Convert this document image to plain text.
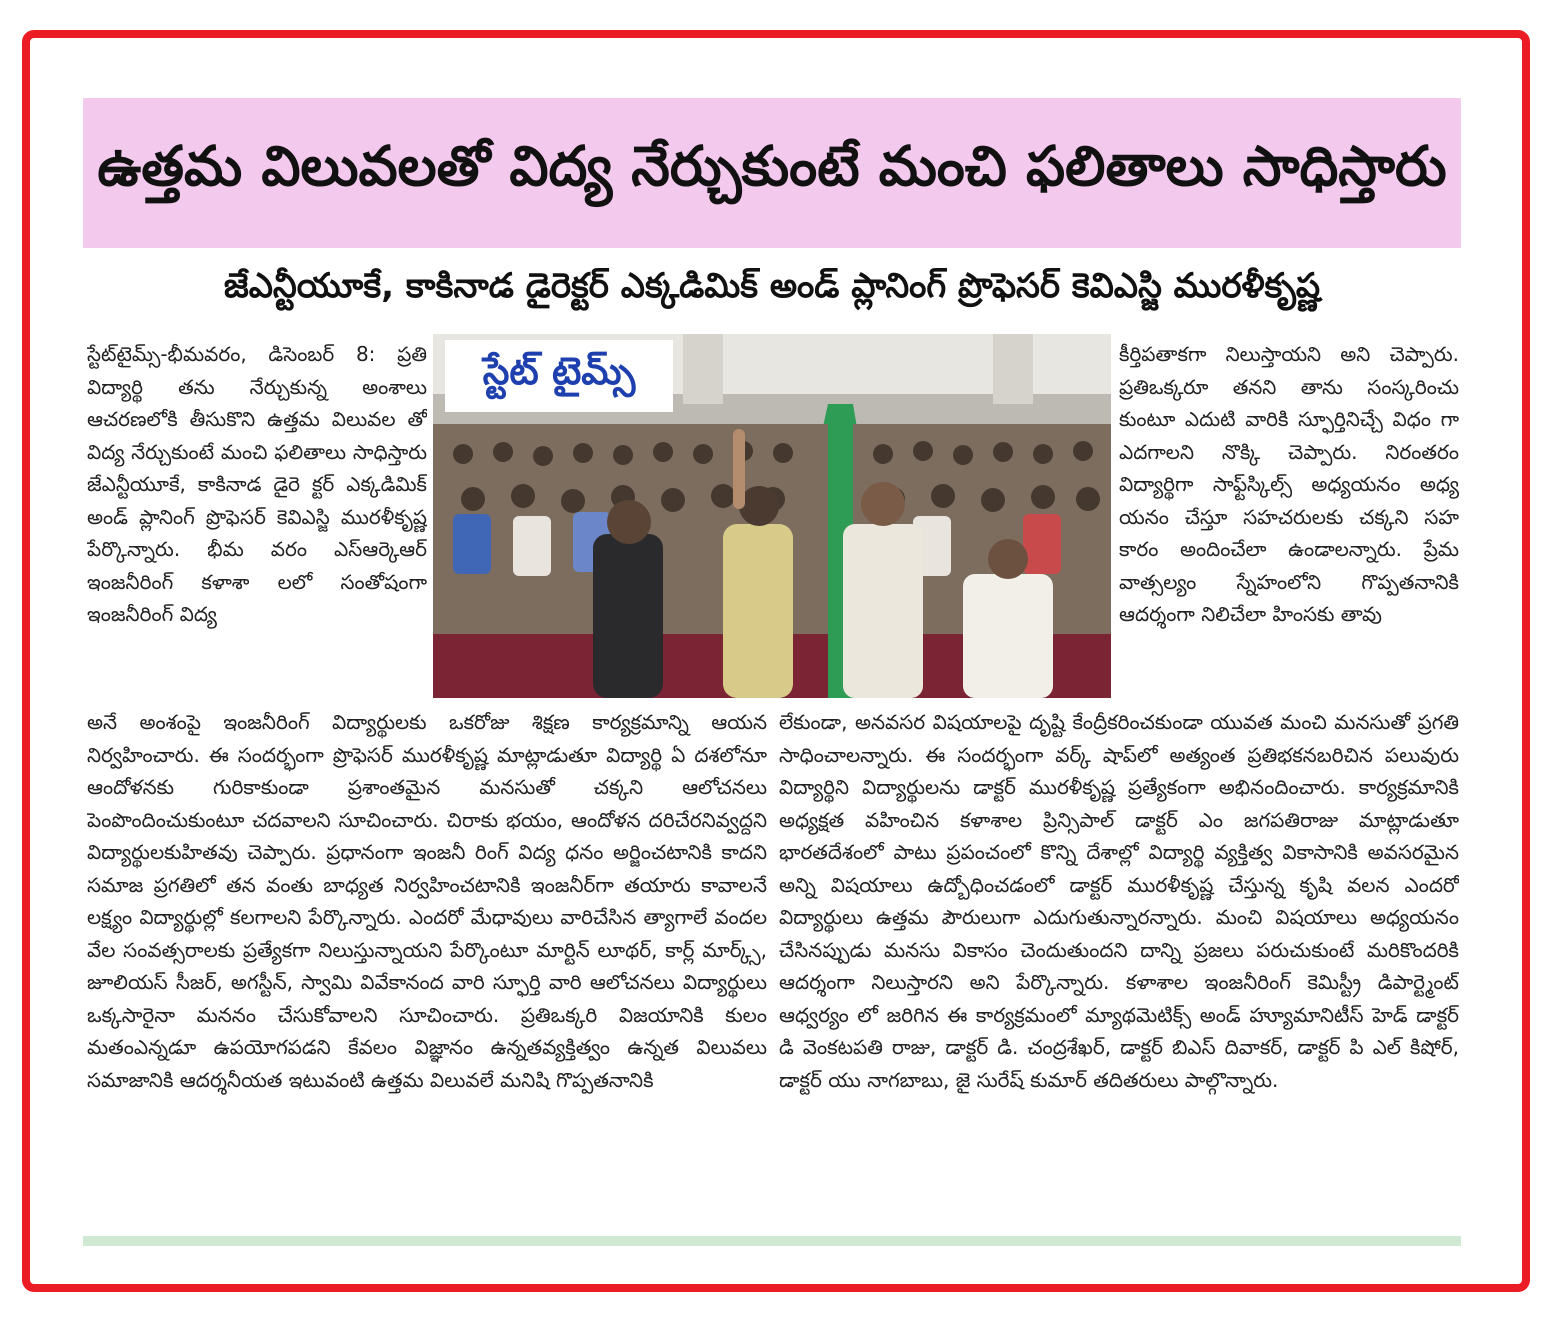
ఉత్తమ విలువలతో విద్య నేర్చుకుంటే మంచి ఫలితాలు సాధిస్తారు
జేఎన్టీయూకే, కాకినాడ డైరెక్టర్ ఎక్కడిమిక్ అండ్ ప్లానింగ్ ప్రొఫెసర్ కెవిఎస్జి మురళీకృష్ణ

స్టేట్‌టైమ్స్-భీమవరం, డిసెంబర్ 8: ప్రతి విద్యార్థి తను నేర్చుకున్న అంశాలు ఆచరణలోకి తీసుకొని ఉత్తమ విలువల తో విద్య నేర్చుకుంటే మంచి ఫలితాలు సాధిస్తారు జేఎన్టీయూకే, కాకినాడ డైరె క్టర్ ఎక్కడిమిక్ అండ్ ప్లానింగ్ ప్రొఫెసర్ కెవిఎస్జి మురళీకృష్ణ పేర్కొన్నారు. భీమ వరం ఎస్ఆర్కెఆర్ ఇంజనీరింగ్ కళాశా లలో సంతోషంగా ఇంజనీరింగ్ విద్య

స్టేట్ టైమ్స్	కీర్తిపతాకగా నిలుస్తాయని అని చెప్పారు. ప్రతిఒక్కరూ తనని తాను సంస్కరించు కుంటూ ఎదుటి వారికి స్ఫూర్తినిచ్చే విధం గా ఎదగాలని నొక్కి చెప్పారు. నిరంతరం విద్యార్థిగా సాఫ్ట్‌స్కిల్స్ అధ్యయనం అధ్య యనం చేస్తూ సహచరులకు చక్కని సహ కారం అందించేలా ఉండాలన్నారు. ప్రేమ వాత్సల్యం స్నేహంలోని గొప్పతనానికి ఆదర్శంగా నిలిచేలా హింసకు తావు

అనే అంశంపై ఇంజనీరింగ్ విద్యార్థులకు ఒకరోజు శిక్షణ కార్యక్రమాన్ని ఆయన నిర్వహించారు. ఈ సందర్భంగా ప్రొఫెసర్ మురళీకృష్ణ మాట్లాడుతూ విద్యార్థి ఏ దశలోనూ ఆందోళనకు గురికాకుండా ప్రశాంతమైన మనసుతో చక్కని ఆలోచనలు పెంపొందించుకుంటూ చదవాలని సూచించారు. చిరాకు భయం, ఆందోళన దరిచేరనివ్వద్దని విద్యార్థులకుహితవు చెప్పారు. ప్రధానంగా ఇంజనీ రింగ్ విద్య ధనం అర్జించటానికి కాదని సమాజ ప్రగతిలో తన వంతు బాధ్యత నిర్వహించటానికి ఇంజనీర్‌గా తయారు కావాలనే లక్ష్యం విద్యార్థుల్లో కలగాలని పేర్కొన్నారు. ఎందరో మేధావులు వారిచేసిన త్యాగాలే వందల వేల సంవత్సరాలకు ప్రత్యేకగా నిలుస్తున్నాయని పేర్కొంటూ మార్టిన్ లూథర్, కార్ల్ మార్క్స్, జూలియస్ సీజర్, అగస్టీన్, స్వామి వివేకానంద వారి స్ఫూర్తి వారి ఆలోచనలు విద్యార్థులు ఒక్కసారైనా మననం చేసుకోవాలని సూచించారు. ప్రతిఒక్కరి విజయానికి కులం మతంఎన్నడూ ఉపయోగపడని కేవలం విజ్ఞానం ఉన్నతవ్యక్తిత్వం ఉన్నత విలువలు సమాజానికి ఆదర్శనీయత ఇటువంటి ఉత్తమ విలువలే మనిషి గొప్పతనానికి

లేకుండా, అనవసర విషయాలపై దృష్టి కేంద్రీకరించకుండా యువత మంచి మనసుతో ప్రగతి సాధించాలన్నారు. ఈ సందర్భంగా వర్క్ షాప్‌లో అత్యంత ప్రతిభకనబరిచిన పలువురు విద్యార్థిని విద్యార్థులను డాక్టర్ మురళీకృష్ణ ప్రత్యేకంగా అభినందించారు. కార్యక్రమానికి అధ్యక్షత వహించిన కళాశాల ప్రిన్సిపాల్ డాక్టర్ ఎం జగపతిరాజు మాట్లాడుతూ భారతదేశంలో పాటు ప్రపంచంలో కొన్ని దేశాల్లో విద్యార్థి వ్యక్తిత్వ వికాసానికి అవసరమైన అన్ని విషయాలు ఉద్బోధించడంలో డాక్టర్ మురళీకృష్ణ చేస్తున్న కృషి వలన ఎందరో విద్యార్థులు ఉత్తమ పౌరులుగా ఎదుగుతున్నారన్నారు. మంచి విషయాలు అధ్యయనం చేసినప్పుడు మనసు వికాసం చెందుతుందని దాన్ని ప్రజలు పరుచుకుంటే మరికొందరికి ఆదర్శంగా నిలుస్తారని అని పేర్కొన్నారు. కళాశాల ఇంజనీరింగ్ కెమిస్ట్రీ డిపార్ట్మెంట్ ఆధ్వర్యం లో జరిగిన ఈ కార్యక్రమంలో మ్యాథమెటిక్స్ అండ్ హ్యూమానిటీస్ హెడ్ డాక్టర్ డి వెంకటపతి రాజు, డాక్టర్ డి. చంద్రశేఖర్, డాక్టర్ బిఎస్ దివాకర్, డాక్టర్ పి ఎల్ కిషోర్, డాక్టర్ యు నాగబాబు, జై సురేష్ కుమార్ తదితరులు పాల్గొన్నారు.
